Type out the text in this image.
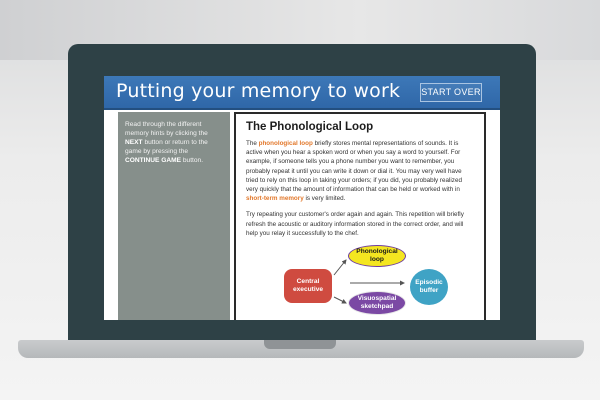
Putting your memory to work START OVER

Read through the different memory hints by clicking the NEXT button or return to the game by pressing the CONTINUE GAME button.

The Phonological Loop

The phonological loop briefly stores mental representations of sounds. It is active when you hear a spoken word or when you say a word to yourself. For example, if someone tells you a phone number you want to remember, you probably repeat it until you can write it down or dial it. You may very well have tried to rely on this loop in taking your orders; if you did, you probably realized very quickly that the amount of information that can be held or worked with in short-term memory is very limited.

Try repeating your customer's order again and again. This repetition will briefly refresh the acoustic or auditory information stored in the correct order, and will help you relay it successfully to the chef.

Central executive
Phonological loop
Episodic buffer
Visuospatial sketchpad
